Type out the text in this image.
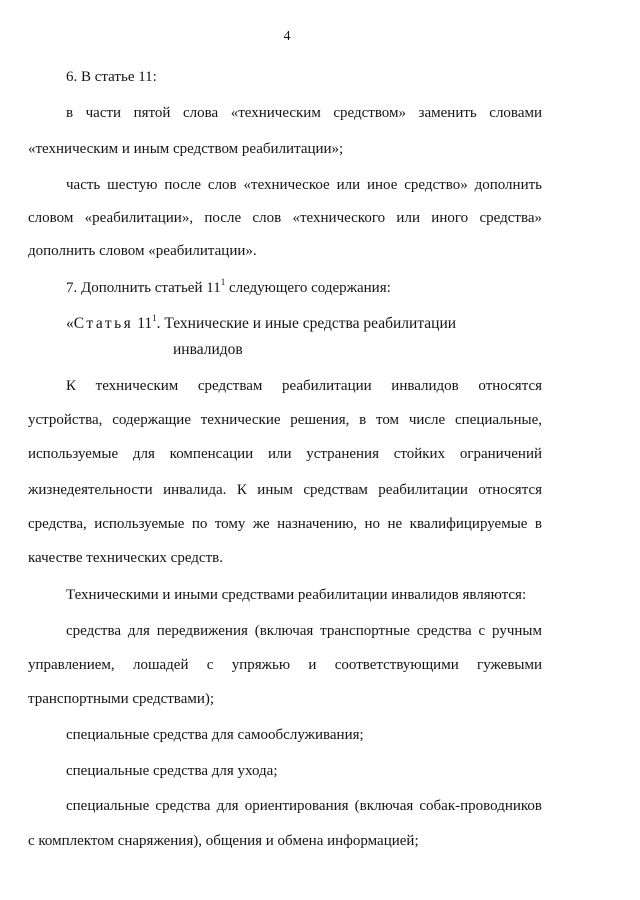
4
6. В статье 11:
в части пятой слова «техническим средством» заменить словами
«техническим и иным средством реабилитации»;
часть шестую после слов «техническое или иное средство» дополнить
словом «реабилитации», после слов «технического или иного средства»
дополнить словом «реабилитации».
7. Дополнить статьей $11^1$ следующего содержания:
«Статья $11^1$. Технические и иные средства реабилитации
инвалидов
К техническим средствам реабилитации инвалидов относятся
устройства, содержащие технические решения, в том числе специальные,
используемые для компенсации или устранения стойких ограничений
жизнедеятельности инвалида. К иным средствам реабилитации относятся
средства, используемые по тому же назначению, но не квалифицируемые в
качестве технических средств.
Техническими и иными средствами реабилитации инвалидов являются:
средства для передвижения (включая транспортные средства с ручным
управлением, лошадей с упряжью и соответствующими гужевыми
транспортными средствами);
специальные средства для самообслуживания;
специальные средства для ухода;
специальные средства для ориентирования (включая собак-проводников
с комплектом снаряжения), общения и обмена информацией;
